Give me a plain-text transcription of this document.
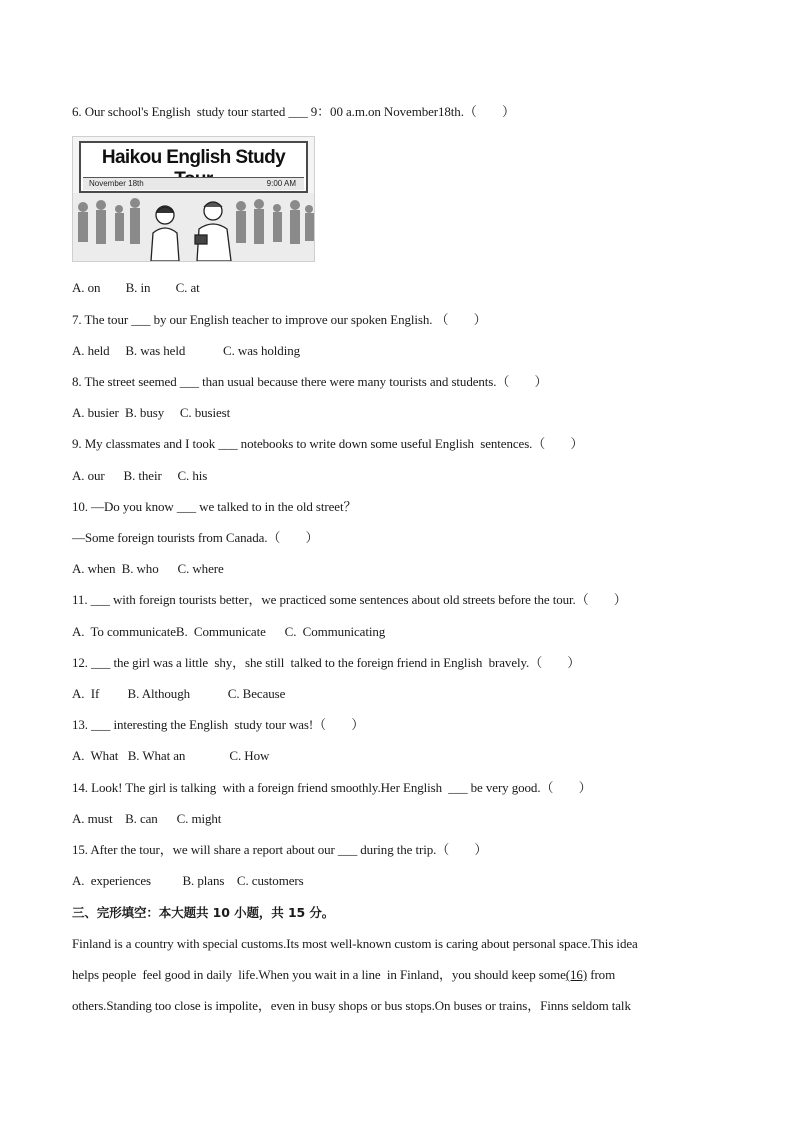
6. Our school's English  study tour started ___ 9：00 a.m.on November18th.（        ）
Haikou English Study
November 18th	9:00 AM
A. on        B. in        C. at
7. The tour ___ by our English teacher to improve our spoken English. （        ）
A. held     B. was held            C. was holding
8. The street seemed ___ than usual because there were many tourists and students.（        ）
A. busier  B. busy     C. busiest
9. My classmates and I took ___ notebooks to write down some useful English  sentences.（        ）
A. our      B. their     C. his
10. —Do you know ___ we talked to in the old street？
—Some foreign tourists from Canada.（        ）
A. when  B. who      C. where
11. ___ with foreign tourists better，we practiced some sentences about old streets before the tour.（        ）
A.  To communicateB.  Communicate      C.  Communicating
12. ___ the girl was a little  shy，she still  talked to the foreign friend in English  bravely.（        ）
A.  If         B. Although            C. Because
13. ___ interesting the English  study tour was!（        ）
A.  What   B. What an              C. How
14. Look! The girl is talking  with a foreign friend smoothly.Her English  ___ be very good.（        ）
A. must    B. can      C. might
15. After the tour，we will share a report about our ___ during the trip.（        ）
A.  experiences          B. plans    C. customers
三、完形填空：本大题共 10 小题，共 15 分。
Finland is a country with special customs.Its most well-known custom is caring about personal space.This idea
helps people  feel good in daily  life.When you wait in a line  in Finland，you should keep some(16) from
others.Standing too close is impolite，even in busy shops or bus stops.On buses or trains，Finns seldom talk
